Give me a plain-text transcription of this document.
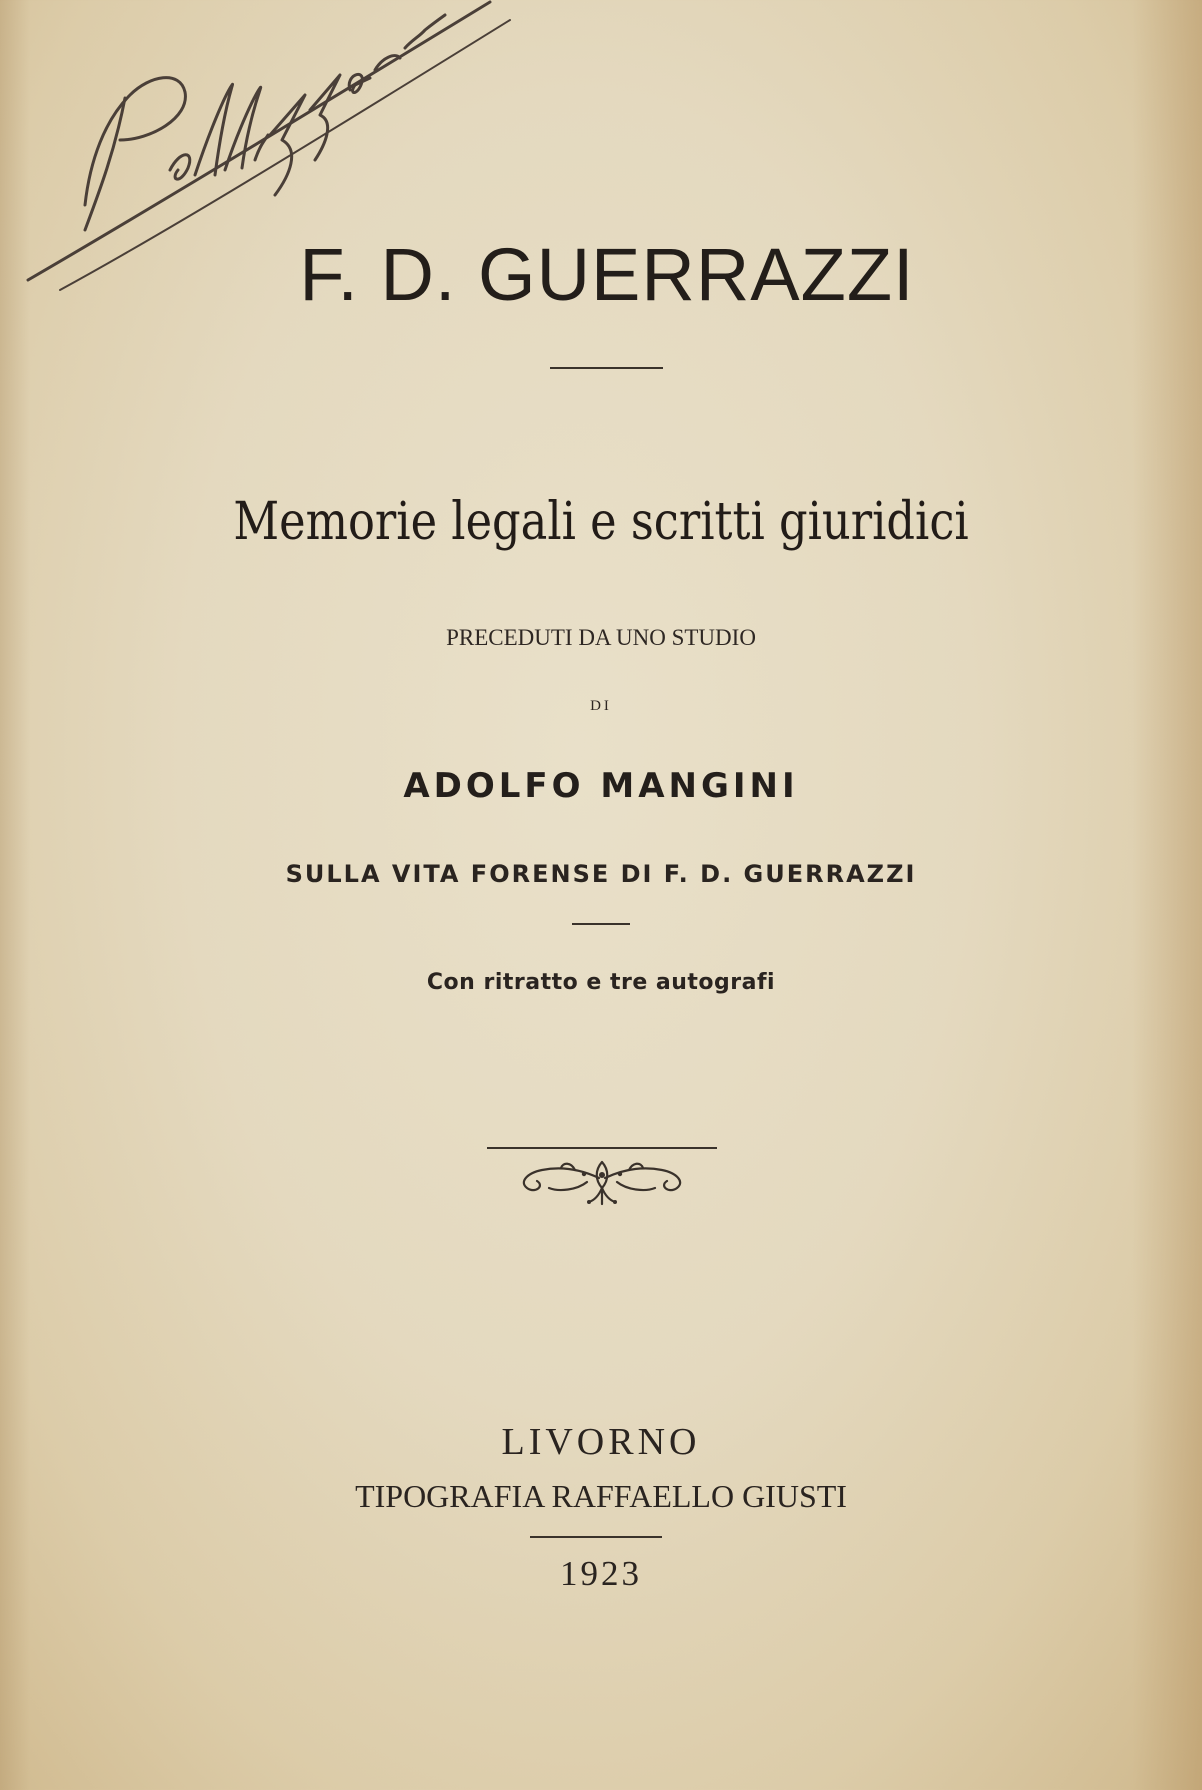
F. D. GUERRAZZI
Memorie legali e scritti giuridici
PRECEDUTI DA UNO STUDIO
DI
ADOLFO MANGINI
SULLA VITA FORENSE DI F. D. GUERRAZZI
Con ritratto e tre autografi
LIVORNO
TIPOGRAFIA RAFFAELLO GIUSTI
1923
